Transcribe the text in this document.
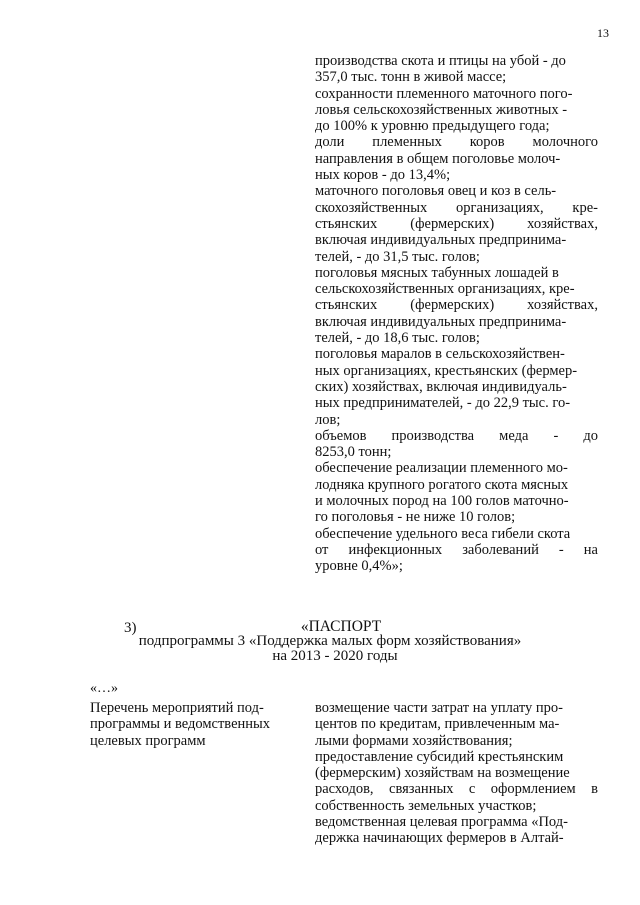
13
производства скота и птицы на убой - до
357,0 тыс. тонн в живой массе;
сохранности племенного маточного пого-
ловья сельскохозяйственных животных -
до 100% к уровню предыдущего года;
доли племенных коров молочного
направления в общем поголовье молоч-
ных коров - до 13,4%;
маточного поголовья овец и коз в сель-
скохозяйственных организациях, кре-
стьянских (фермерских) хозяйствах,
включая индивидуальных предпринима-
телей, - до 31,5 тыс. голов;
поголовья мясных табунных лошадей в
сельскохозяйственных организациях, кре-
стьянских (фермерских) хозяйствах,
включая индивидуальных предпринима-
телей, - до 18,6 тыс. голов;
поголовья маралов в сельскохозяйствен-
ных организациях, крестьянских (фермер-
ских) хозяйствах, включая индивидуаль-
ных предпринимателей, - до 22,9 тыс. го-
лов;
объемов производства меда - до
8253,0 тонн;
обеспечение реализации племенного мо-
лодняка крупного рогатого скота мясных
и молочных пород на 100 голов маточно-
го поголовья - не ниже 10 голов;
обеспечение удельного веса гибели скота
от инфекционных заболеваний - на
уровне 0,4%»;
3)	«ПАСПОРТ
подпрограммы 3 «Поддержка малых форм хозяйствования»
на 2013 - 2020 годы
«…»
Перечень мероприятий под-
программы и ведомственных
целевых программ
возмещение части затрат на уплату про-
центов по кредитам, привлеченным ма-
лыми формами хозяйствования;
предоставление субсидий крестьянским
(фермерским) хозяйствам на возмещение
расходов, связанных с оформлением в
собственность земельных участков;
ведомственная целевая программа «Под-
держка начинающих фермеров в Алтай-
